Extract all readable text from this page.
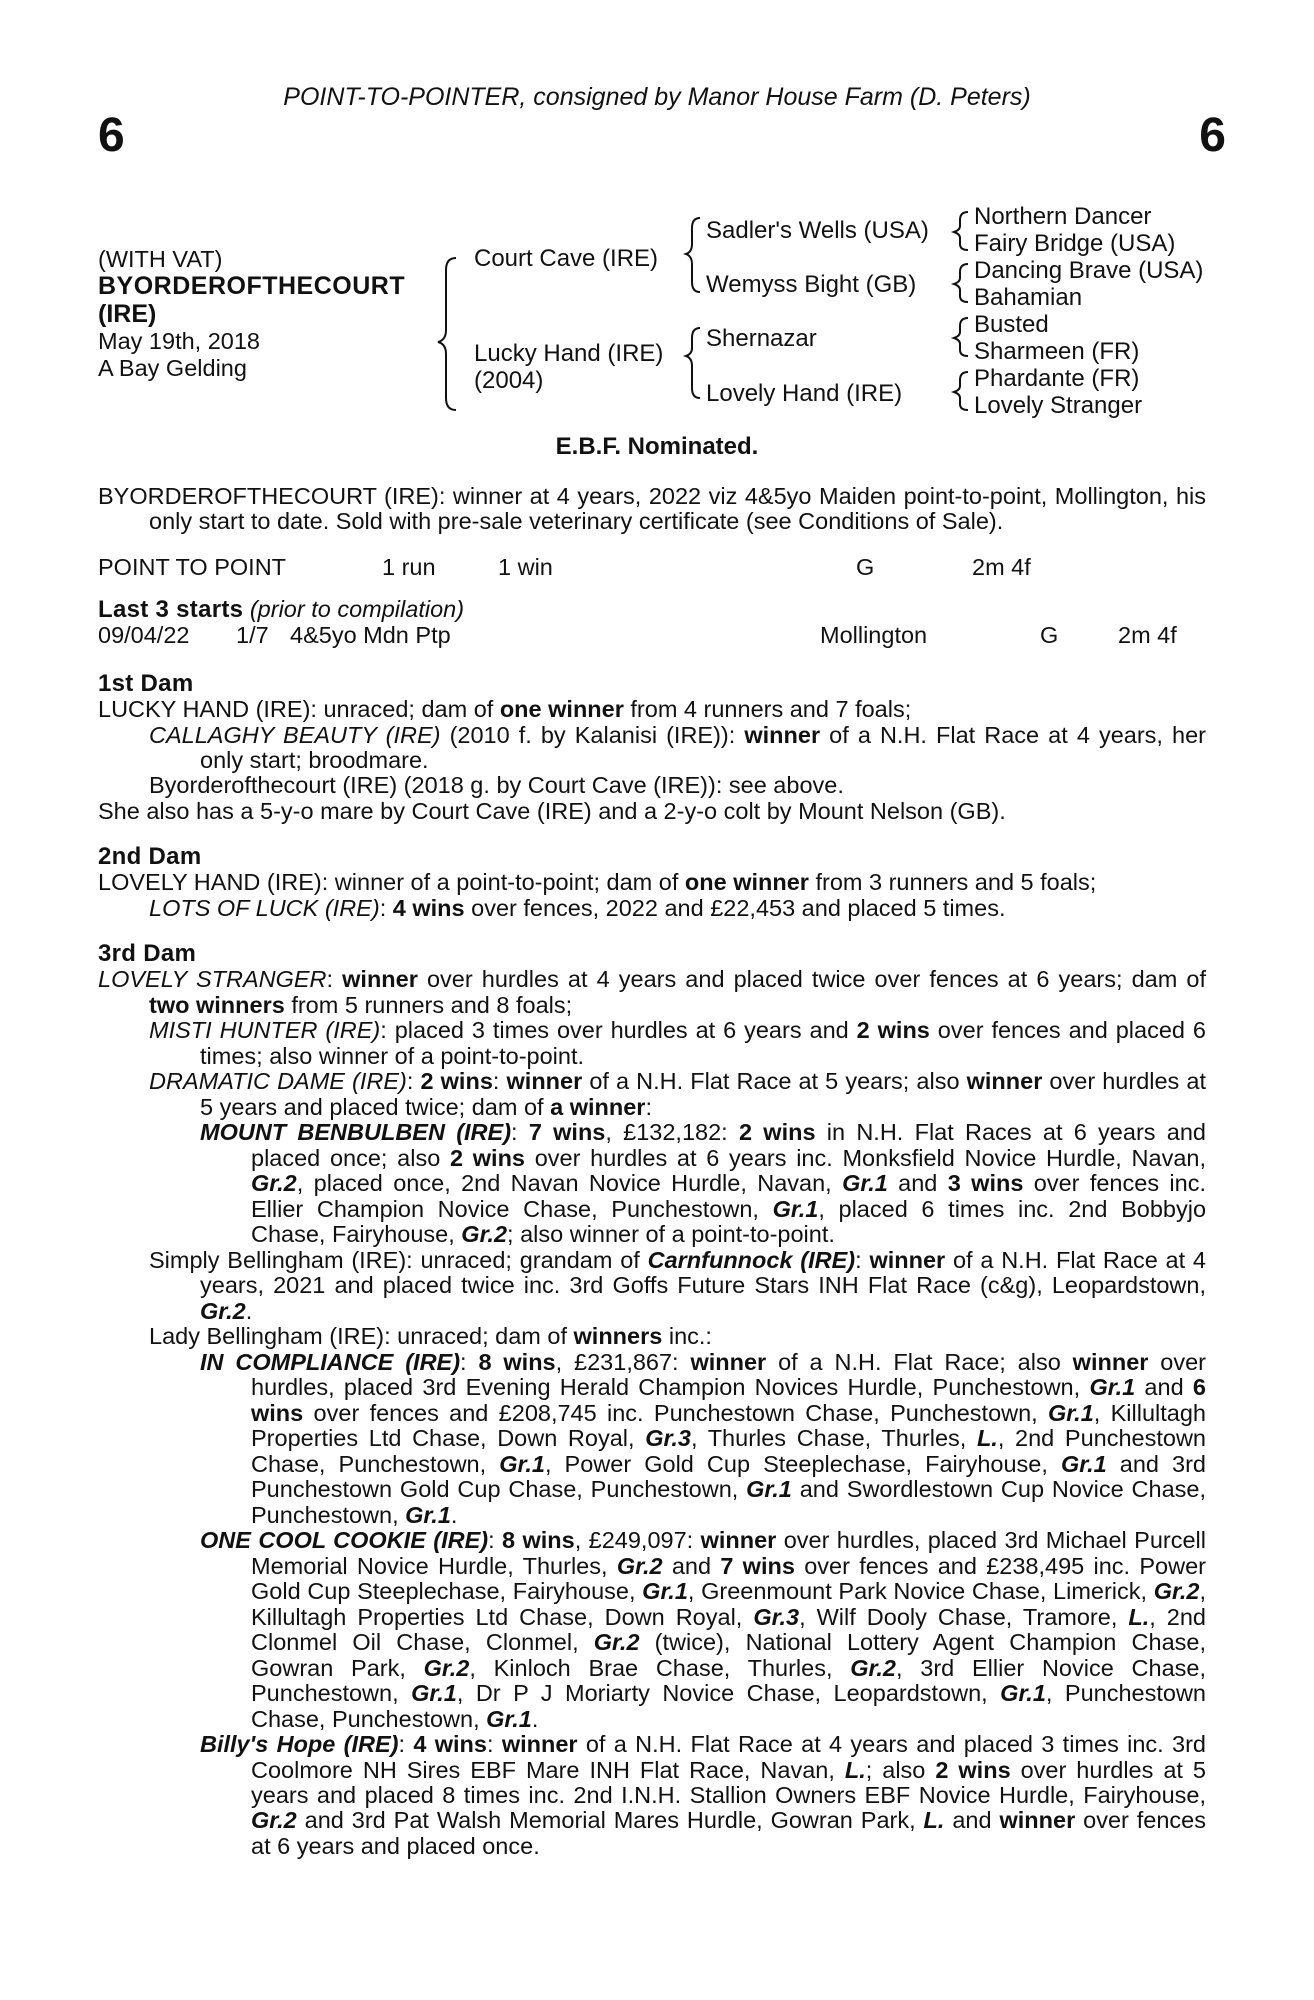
POINT-TO-POINTER, consigned by Manor House Farm (D. Peters)
6	6
(WITH VAT)
BYORDEROFTHECOURT
(IRE)
May 19th, 2018
A Bay Gelding
Court Cave (IRE)
Lucky Hand (IRE)
(2004)
Sadler's Wells (USA)
Wemyss Bight (GB)
Shernazar
Lovely Hand (IRE)
Northern Dancer
Fairy Bridge (USA)
Dancing Brave (USA)
Bahamian
Busted
Sharmeen (FR)
Phardante (FR)
Lovely Stranger
E.B.F. Nominated.

BYORDEROFTHECOURT (IRE): winner at 4 years, 2022 viz 4&5yo Maiden point-to-point, Mollington, his only start to date. Sold with pre-sale veterinary certificate (see Conditions of Sale).

POINT TO POINT	1 run	1 win	G	2m 4f
Last 3 starts (prior to compilation)
09/04/22 1/7 4&5yo Mdn Ptp	Mollington	G	2m 4f
1st Dam

LUCKY HAND (IRE): unraced; dam of one winner from 4 runners and 7 foals;

CALLAGHY BEAUTY (IRE) (2010 f. by Kalanisi (IRE)): winner of a N.H. Flat Race at 4 years, her only start; broodmare.

Byorderofthecourt (IRE) (2018 g. by Court Cave (IRE)): see above.

She also has a 5-y-o mare by Court Cave (IRE) and a 2-y-o colt by Mount Nelson (GB).

2nd Dam

LOVELY HAND (IRE): winner of a point-to-point; dam of one winner from 3 runners and 5 foals;

LOTS OF LUCK (IRE): 4 wins over fences, 2022 and £22,453 and placed 5 times.

3rd Dam

LOVELY STRANGER: winner over hurdles at 4 years and placed twice over fences at 6 years; dam of two winners from 5 runners and 8 foals;

MISTI HUNTER (IRE): placed 3 times over hurdles at 6 years and 2 wins over fences and placed 6 times; also winner of a point-to-point.

DRAMATIC DAME (IRE): 2 wins: winner of a N.H. Flat Race at 5 years; also winner over hurdles at 5 years and placed twice; dam of a winner:

MOUNT BENBULBEN (IRE): 7 wins, £132,182: 2 wins in N.H. Flat Races at 6 years and placed once; also 2 wins over hurdles at 6 years inc. Monksfield Novice Hurdle, Navan, Gr.2, placed once, 2nd Navan Novice Hurdle, Navan, Gr.1 and 3 wins over fences inc. Ellier Champion Novice Chase, Punchestown, Gr.1, placed 6 times inc. 2nd Bobbyjo Chase, Fairyhouse, Gr.2; also winner of a point-to-point.

Simply Bellingham (IRE): unraced; grandam of Carnfunnock (IRE): winner of a N.H. Flat Race at 4 years, 2021 and placed twice inc. 3rd Goffs Future Stars INH Flat Race (c&g), Leopardstown, Gr.2.

Lady Bellingham (IRE): unraced; dam of winners inc.:

IN COMPLIANCE (IRE): 8 wins, £231,867: winner of a N.H. Flat Race; also winner over hurdles, placed 3rd Evening Herald Champion Novices Hurdle, Punchestown, Gr.1 and 6 wins over fences and £208,745 inc. Punchestown Chase, Punchestown, Gr.1, Killultagh Properties Ltd Chase, Down Royal, Gr.3, Thurles Chase, Thurles, L., 2nd Punchestown Chase, Punchestown, Gr.1, Power Gold Cup Steeplechase, Fairyhouse, Gr.1 and 3rd Punchestown Gold Cup Chase, Punchestown, Gr.1 and Swordlestown Cup Novice Chase, Punchestown, Gr.1.

ONE COOL COOKIE (IRE): 8 wins, £249,097: winner over hurdles, placed 3rd Michael Purcell Memorial Novice Hurdle, Thurles, Gr.2 and 7 wins over fences and £238,495 inc. Power Gold Cup Steeplechase, Fairyhouse, Gr.1, Greenmount Park Novice Chase, Limerick, Gr.2, Killultagh Properties Ltd Chase, Down Royal, Gr.3, Wilf Dooly Chase, Tramore, L., 2nd Clonmel Oil Chase, Clonmel, Gr.2 (twice), National Lottery Agent Champion Chase, Gowran Park, Gr.2, Kinloch Brae Chase, Thurles, Gr.2, 3rd Ellier Novice Chase, Punchestown, Gr.1, Dr P J Moriarty Novice Chase, Leopardstown, Gr.1, Punchestown Chase, Punchestown, Gr.1.

Billy's Hope (IRE): 4 wins: winner of a N.H. Flat Race at 4 years and placed 3 times inc. 3rd Coolmore NH Sires EBF Mare INH Flat Race, Navan, L.; also 2 wins over hurdles at 5 years and placed 8 times inc. 2nd I.N.H. Stallion Owners EBF Novice Hurdle, Fairyhouse, Gr.2 and 3rd Pat Walsh Memorial Mares Hurdle, Gowran Park, L. and winner over fences at 6 years and placed once.
